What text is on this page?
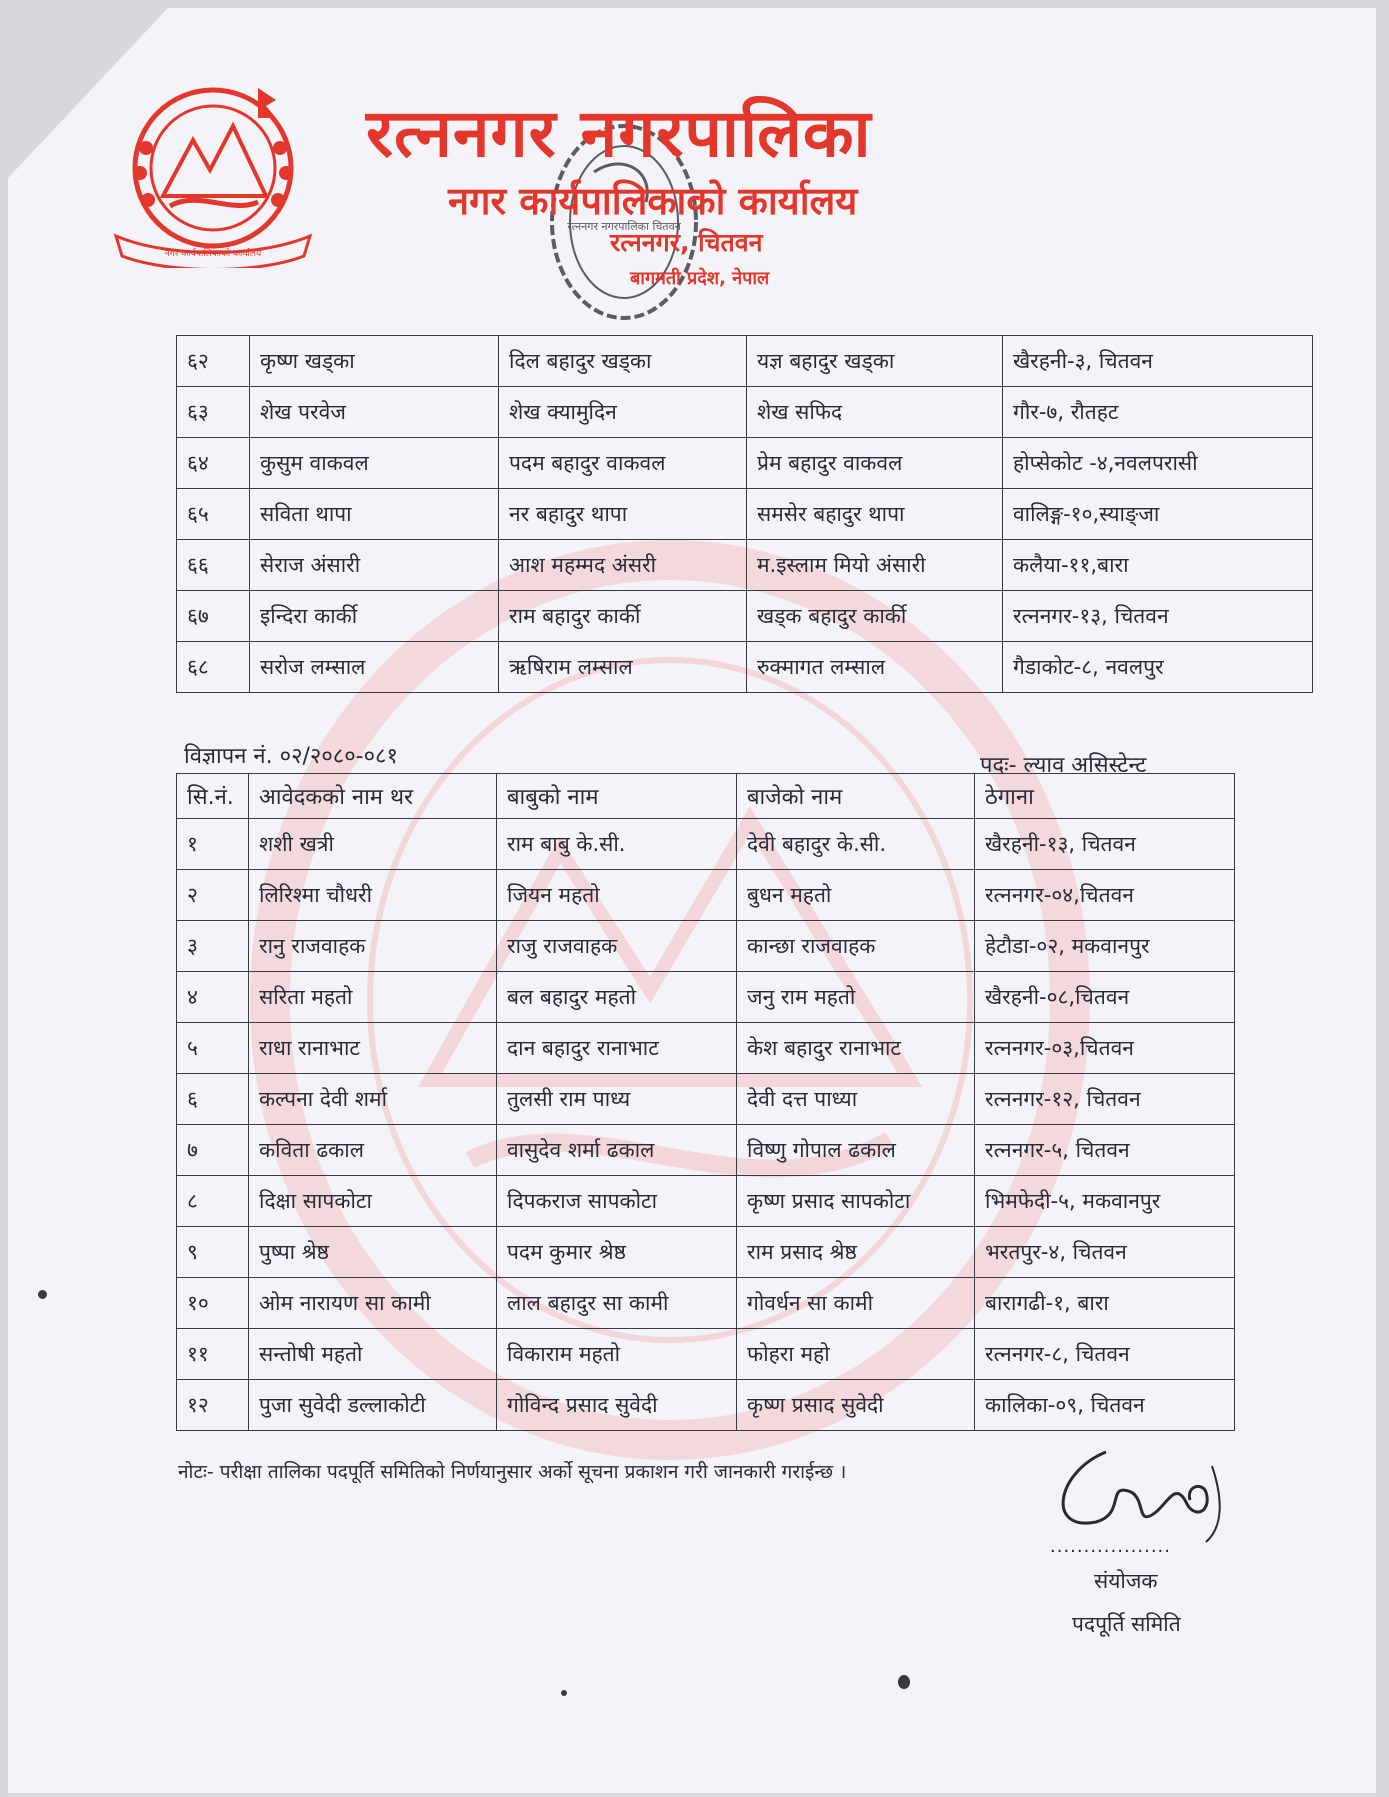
नगर कार्यपालिकाको कार्यालय
रत्ननगर नगरपालिका चितवन
रत्ननगर नगरपालिका
नगर कार्यपालिकाको कार्यालय
रत्ननगर, चितवन
बागमती प्रदेश, नेपाल
६२	कृष्ण खड्का	दिल बहादुर खड्का	यज्ञ बहादुर खड्का	खैरहनी-३, चितवन
६३	शेख परवेज	शेख क्यामुदिन	शेख सफिद	गौर-७, रौतहट
६४	कुसुम वाकवल	पदम बहादुर वाकवल	प्रेम बहादुर वाकवल	होप्सेकोट -४,नवलपरासी
६५	सविता थापा	नर बहादुर थापा	समसेर बहादुर थापा	वालिङ्ग-१०,स्याङ्जा
६६	सेराज अंसारी	आश महम्मद अंसरी	म.इस्लाम मियो अंसारी	कलैया-११,बारा
६७	इन्दिरा कार्की	राम बहादुर कार्की	खड्क बहादुर कार्की	रत्ननगर-१३, चितवन
६८	सरोज लम्साल	ऋषिराम लम्साल	रुक्मागत लम्साल	गैडाकोट-८, नवलपुर
विज्ञापन नं. ०२/२०८०-०८१	पदः- ल्याव असिस्टेन्ट
सि.नं.	आवेदकको नाम थर	बाबुको नाम	बाजेको नाम	ठेगाना
१	शशी खत्री	राम बाबु के.सी.	देवी बहादुर के.सी.	खैरहनी-१३, चितवन
२	लिरिश्मा चौधरी	जियन महतो	बुधन महतो	रत्ननगर-०४,चितवन
३	रानु राजवाहक	राजु राजवाहक	कान्छा राजवाहक	हेटौडा-०२, मकवानपुर
४	सरिता महतो	बल बहादुर महतो	जनु राम महतो	खैरहनी-०८,चितवन
५	राधा रानाभाट	दान बहादुर रानाभाट	केश बहादुर रानाभाट	रत्ननगर-०३,चितवन
६	कल्पना देवी शर्मा	तुलसी राम पाध्य	देवी दत्त पाध्या	रत्ननगर-१२, चितवन
७	कविता ढकाल	वासुदेव शर्मा ढकाल	विष्णु गोपाल ढकाल	रत्ननगर-५, चितवन
८	दिक्षा सापकोटा	दिपकराज सापकोटा	कृष्ण प्रसाद सापकोटा	भिमफेदी-५, मकवानपुर
९	पुष्पा श्रेष्ठ	पदम कुमार श्रेष्ठ	राम प्रसाद श्रेष्ठ	भरतपुर-४, चितवन
१०	ओम नारायण सा कामी	लाल बहादुर सा कामी	गोवर्धन सा कामी	बारागढी-१, बारा
११	सन्तोषी महतो	विकाराम महतो	फोहरा महो	रत्ननगर-८, चितवन
१२	पुजा सुवेदी डल्लाकोटी	गोविन्द प्रसाद सुवेदी	कृष्ण प्रसाद सुवेदी	कालिका-०९, चितवन
नोटः- परीक्षा तालिका पदपूर्ति समितिको निर्णयानुसार अर्को सूचना प्रकाशन गरी जानकारी गराईन्छ ।
..................
संयोजक
पदपूर्ति समिति
